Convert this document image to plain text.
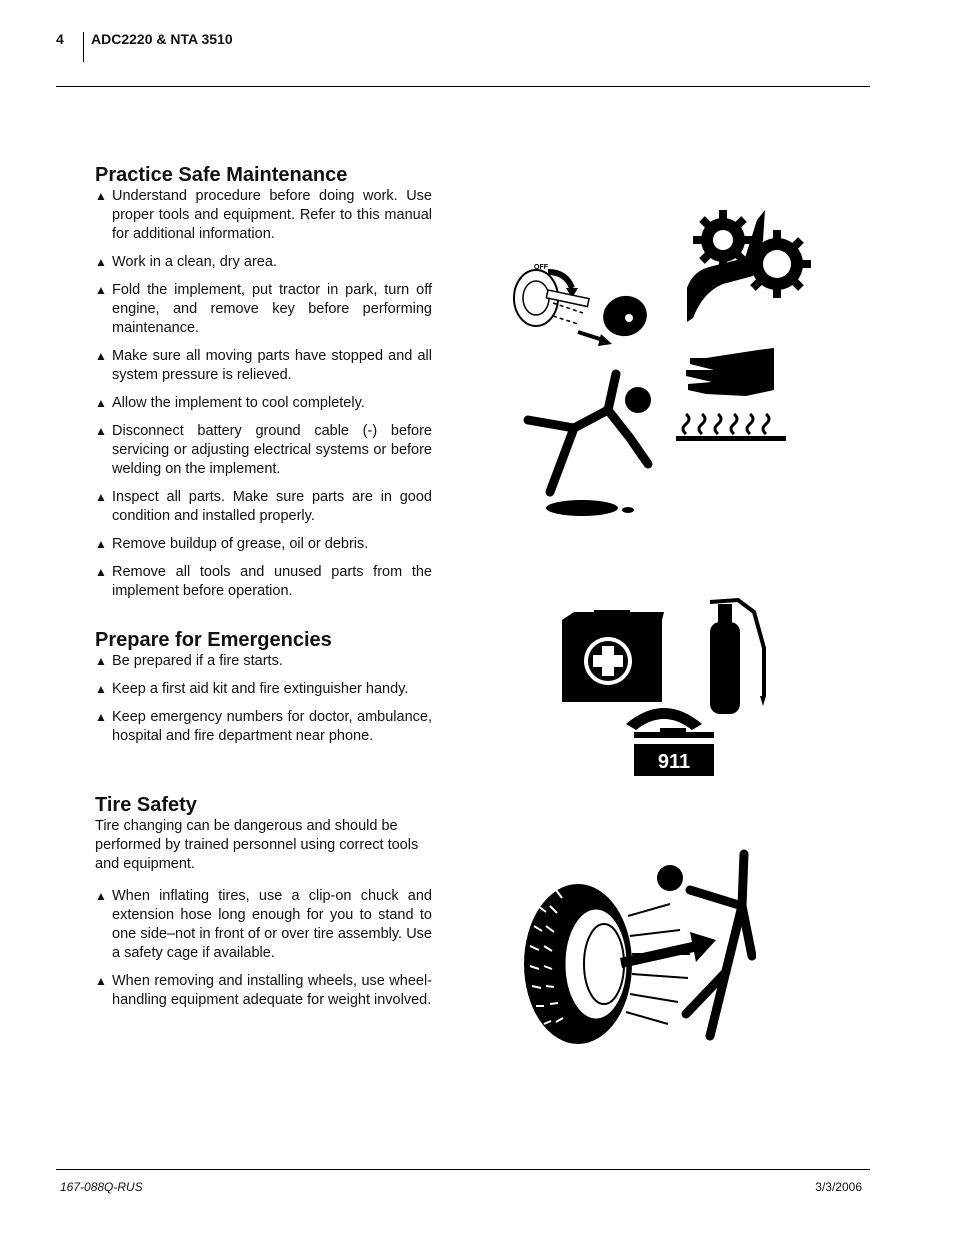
4 ADC2220 & NTA 3510
Practice Safe Maintenance
▲ Understand procedure before doing work. Use proper tools and equipment. Refer to this manual for additional information.
▲ Work in a clean, dry area.
▲ Fold the implement, put tractor in park, turn off engine, and remove key before performing maintenance.
▲ Make sure all moving parts have stopped and all system pressure is relieved.
▲ Allow the implement to cool completely.
▲ Disconnect battery ground cable (-) before servicing or adjusting electrical systems or before welding on the implement.
▲ Inspect all parts. Make sure parts are in good condition and installed properly.
▲ Remove buildup of grease, oil or debris.
▲ Remove all tools and unused parts from the implement before operation.
Prepare for Emergencies
▲ Be prepared if a fire starts.
▲ Keep a first aid kit and fire extinguisher handy.
▲ Keep emergency numbers for doctor, ambulance, hospital and fire department near phone.
Tire Safety

Tire changing can be dangerous and should be performed by trained personnel using correct tools and equipment.

▲ When inflating tires, use a clip-on chuck and extension hose long enough for you to stand to one side–not in front of or over tire assembly. Use a safety cage if available.
▲ When removing and installing wheels, use wheel-handling equipment adequate for weight involved.
OFF
911
167-088Q-RUS	3/3/2006
